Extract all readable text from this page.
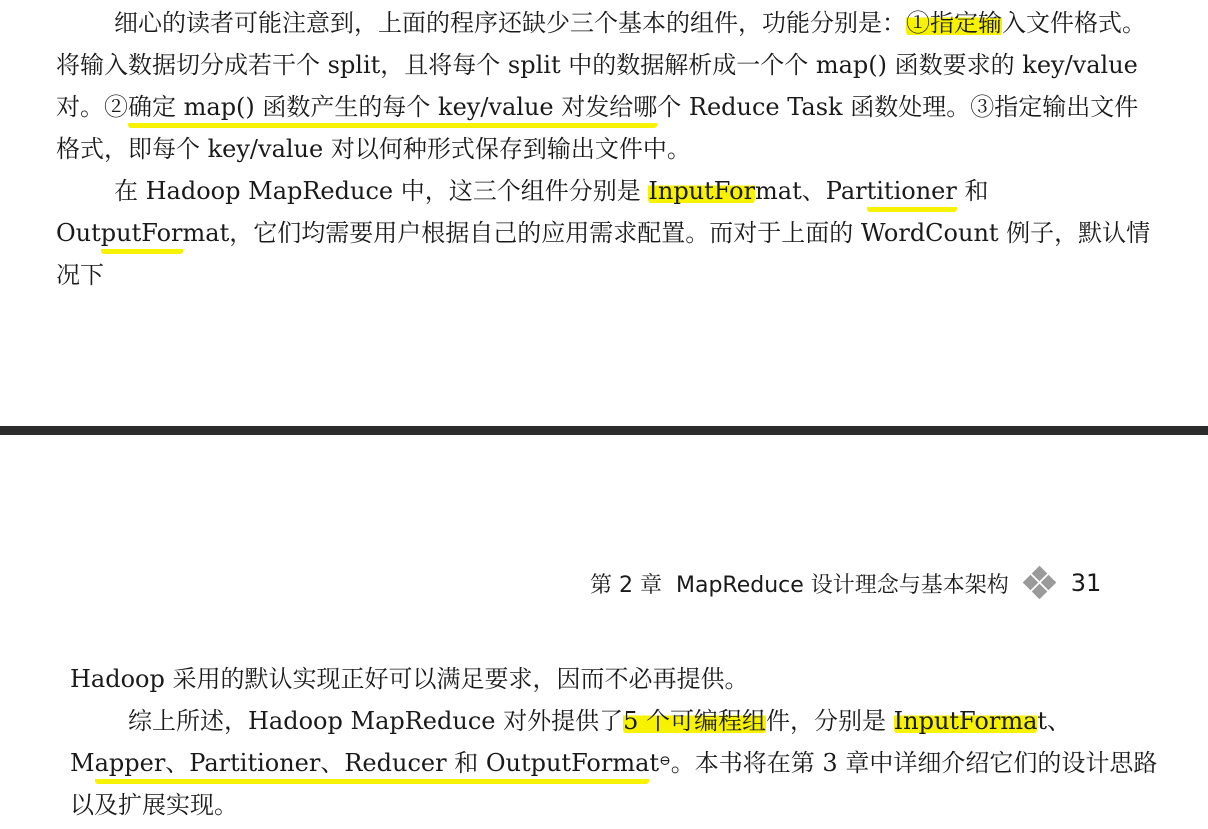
细心的读者可能注意到，上面的程序还缺少三个基本的组件，功能分别是：①指定输入文件格式。将输入数据切分成若干个 split，且将每个 split 中的数据解析成一个个 map() 函数要求的 key/value 对。②确定 map() 函数产生的每个 key/value 对发给哪个 Reduce Task 函数处理。③指定输出文件格式，即每个 key/value 对以何种形式保存到输出文件中。

在 Hadoop MapReduce 中，这三个组件分别是 InputFormat、Partitioner 和 OutputFormat，它们均需要用户根据自己的应用需求配置。而对于上面的 WordCount 例子，默认情况下

第 2 章 MapReduce 设计理念与基本架构	31

Hadoop 采用的默认实现正好可以满足要求，因而不必再提供。

综上所述，Hadoop MapReduce 对外提供了5 个可编程组件，分别是 InputFormat、Mapper、Partitioner、Reducer 和 OutputFormat⊖。本书将在第 3 章中详细介绍它们的设计思路以及扩展实现。
